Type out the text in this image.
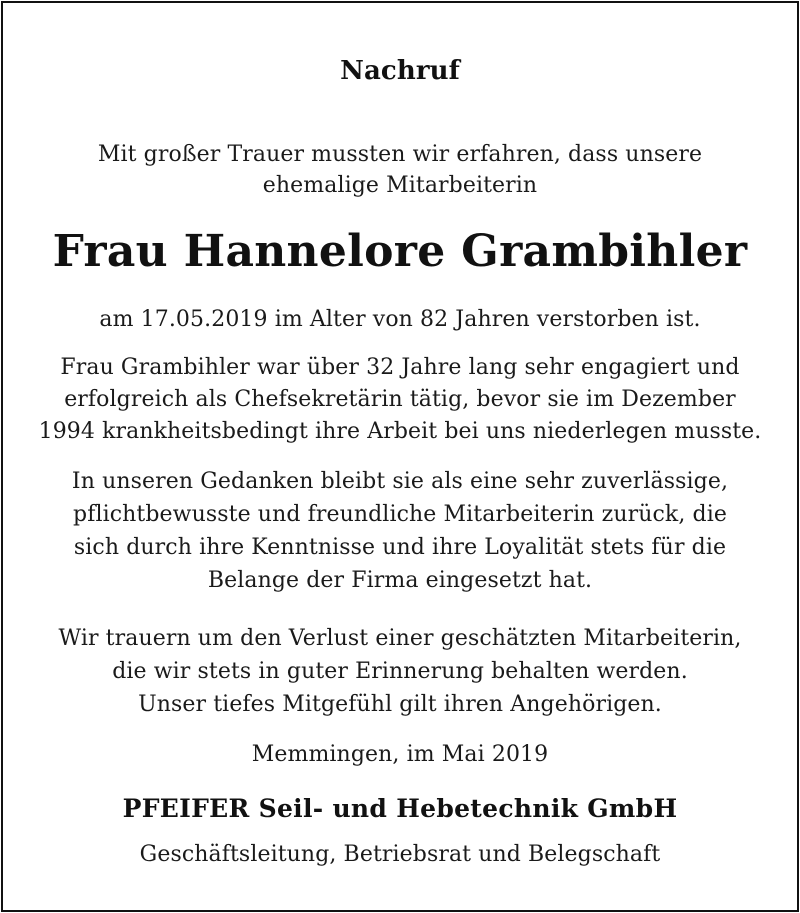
Nachruf
Mit großer Trauer mussten wir erfahren, dass unsere
ehemalige Mitarbeiterin
Frau Hannelore Grambihler
am 17.05.2019 im Alter von 82 Jahren verstorben ist.
Frau Grambihler war über 32 Jahre lang sehr engagiert und
erfolgreich als Chefsekretärin tätig, bevor sie im Dezember
1994 krankheitsbedingt ihre Arbeit bei uns niederlegen musste.
In unseren Gedanken bleibt sie als eine sehr zuverlässige,
pflichtbewusste und freundliche Mitarbeiterin zurück, die
sich durch ihre Kenntnisse und ihre Loyalität stets für die
Belange der Firma eingesetzt hat.
Wir trauern um den Verlust einer geschätzten Mitarbeiterin,
die wir stets in guter Erinnerung behalten werden.
Unser tiefes Mitgefühl gilt ihren Angehörigen.
Memmingen, im Mai 2019
PFEIFER Seil- und Hebetechnik GmbH
Geschäftsleitung, Betriebsrat und Belegschaft
